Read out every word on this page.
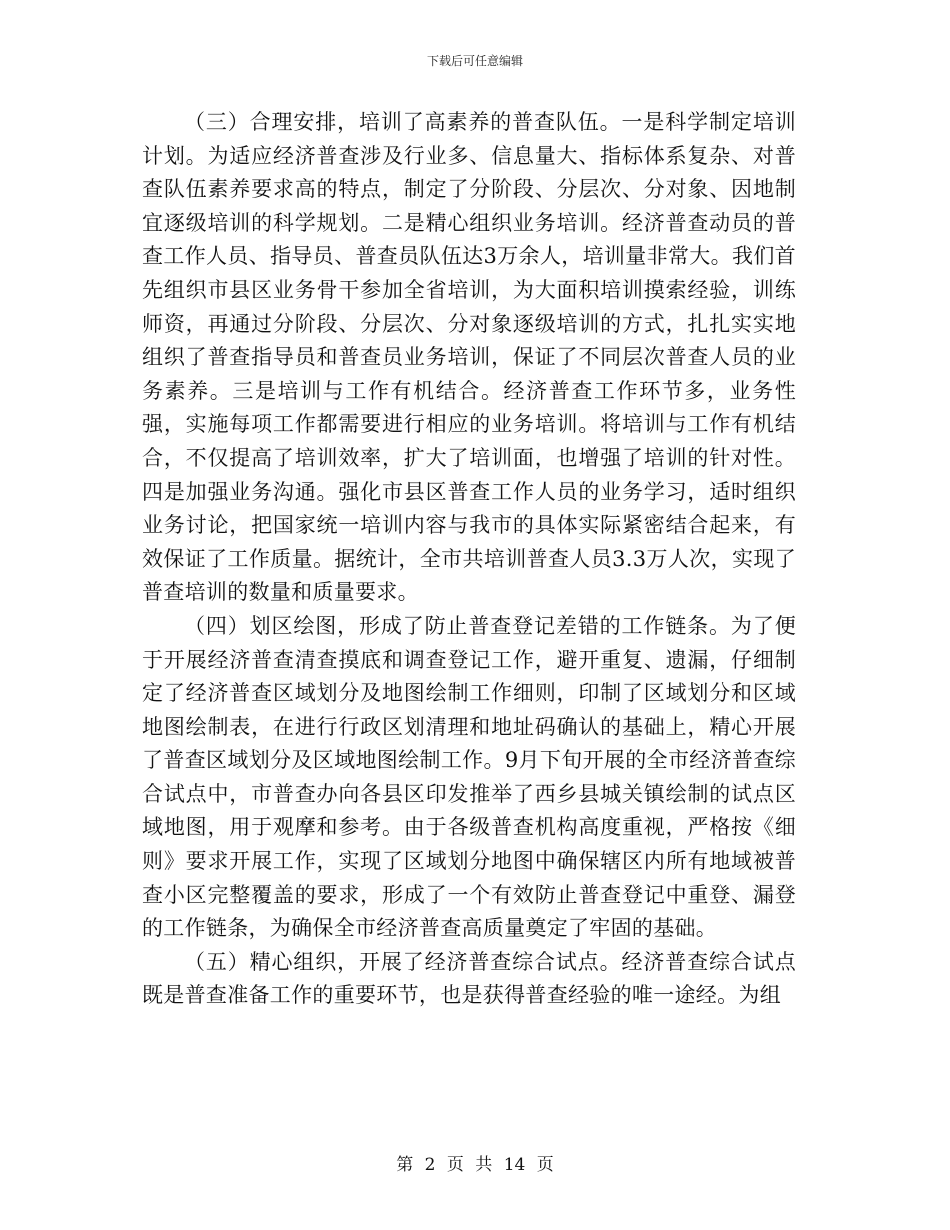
下载后可任意编辑

（三）合理安排，培训了高素养的普查队伍。一是科学制定培训计划。为适应经济普查涉及行业多、信息量大、指标体系复杂、对普查队伍素养要求高的特点，制定了分阶段、分层次、分对象、因地制宜逐级培训的科学规划。二是精心组织业务培训。经济普查动员的普查工作人员、指导员、普查员队伍达3万余人，培训量非常大。我们首先组织市县区业务骨干参加全省培训，为大面积培训摸索经验，训练师资，再通过分阶段、分层次、分对象逐级培训的方式，扎扎实实地组织了普查指导员和普查员业务培训，保证了不同层次普查人员的业务素养。三是培训与工作有机结合。经济普查工作环节多，业务性强，实施每项工作都需要进行相应的业务培训。将培训与工作有机结合，不仅提高了培训效率，扩大了培训面，也增强了培训的针对性。四是加强业务沟通。强化市县区普查工作人员的业务学习，适时组织业务讨论，把国家统一培训内容与我市的具体实际紧密结合起来，有效保证了工作质量。据统计，全市共培训普查人员3.3万人次，实现了普查培训的数量和质量要求。

（四）划区绘图，形成了防止普查登记差错的工作链条。为了便于开展经济普查清查摸底和调查登记工作，避开重复、遗漏，仔细制定了经济普查区域划分及地图绘制工作细则，印制了区域划分和区域地图绘制表，在进行行政区划清理和地址码确认的基础上，精心开展了普查区域划分及区域地图绘制工作。9月下旬开展的全市经济普查综合试点中，市普查办向各县区印发推举了西乡县城关镇绘制的试点区域地图，用于观摩和参考。由于各级普查机构高度重视，严格按《细则》要求开展工作，实现了区域划分地图中确保辖区内所有地域被普查小区完整覆盖的要求，形成了一个有效防止普查登记中重登、漏登的工作链条，为确保全市经济普查高质量奠定了牢固的基础。

（五）精心组织，开展了经济普查综合试点。经济普查综合试点既是普查准备工作的重要环节，也是获得普查经验的唯一途经。为组

第 2 页 共 14 页
